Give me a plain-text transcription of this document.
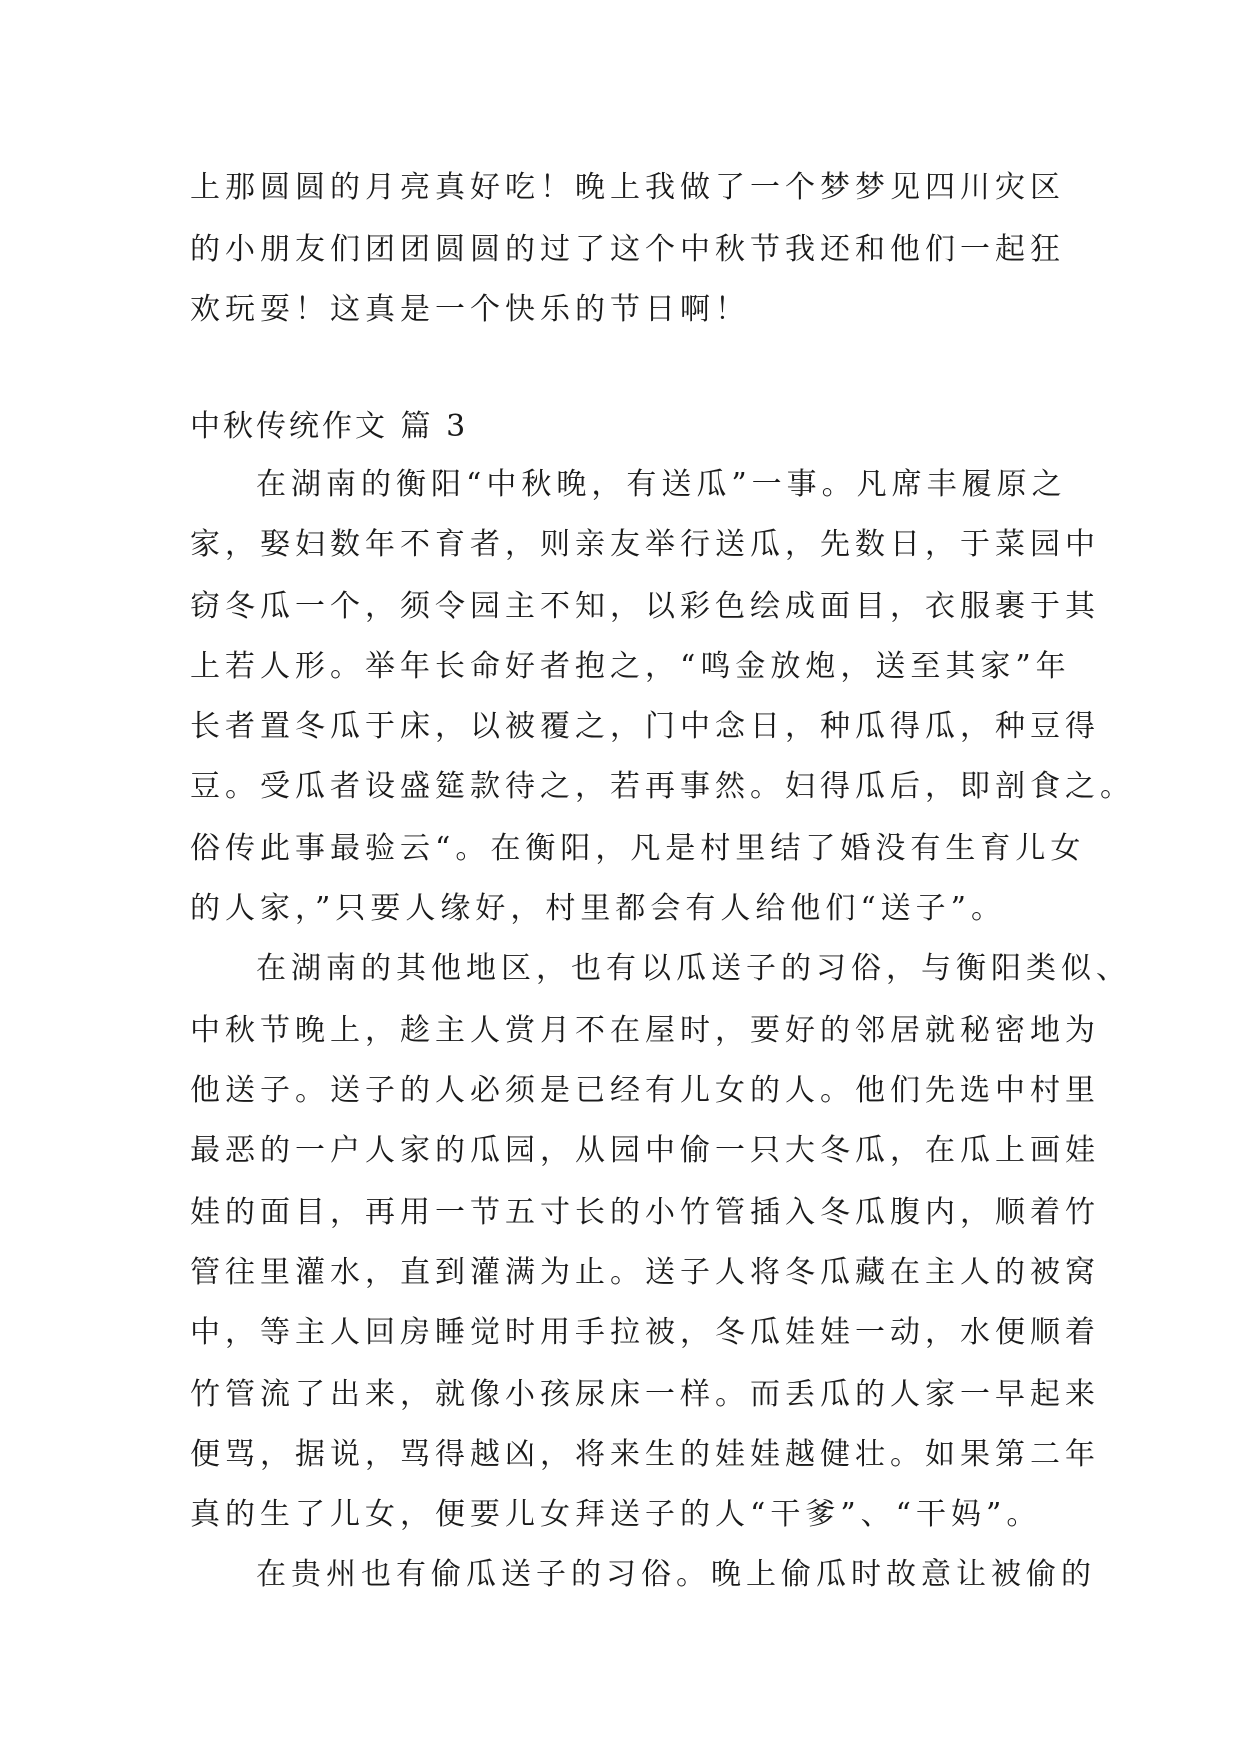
上那圆圆的月亮真好吃！晚上我做了一个梦梦见四川灾区
的小朋友们团团圆圆的过了这个中秋节我还和他们一起狂
欢玩耍！这真是一个快乐的节日啊！
中秋传统作文 篇 3
在湖南的衡阳“中秋晚，有送瓜”一事。凡席丰履原之
家，娶妇数年不育者，则亲友举行送瓜，先数日，于菜园中
窃冬瓜一个，须令园主不知，以彩色绘成面目，衣服裹于其
上若人形。举年长命好者抱之，“鸣金放炮，送至其家”年
长者置冬瓜于床，以被覆之，门中念日，种瓜得瓜，种豆得
豆。受瓜者设盛筵款待之，若再事然。妇得瓜后，即剖食之。
俗传此事最验云“。在衡阳，凡是村里结了婚没有生育儿女
的人家，”只要人缘好，村里都会有人给他们“送子”。
在湖南的其他地区，也有以瓜送子的习俗，与衡阳类似、
中秋节晚上，趁主人赏月不在屋时，要好的邻居就秘密地为
他送子。送子的人必须是已经有儿女的人。他们先选中村里
最恶的一户人家的瓜园，从园中偷一只大冬瓜，在瓜上画娃
娃的面目，再用一节五寸长的小竹管插入冬瓜腹内，顺着竹
管往里灌水，直到灌满为止。送子人将冬瓜藏在主人的被窝
中，等主人回房睡觉时用手拉被，冬瓜娃娃一动，水便顺着
竹管流了出来，就像小孩尿床一样。而丢瓜的人家一早起来
便骂，据说，骂得越凶，将来生的娃娃越健壮。如果第二年
真的生了儿女，便要儿女拜送子的人“干爹”、“干妈”。
在贵州也有偷瓜送子的习俗。晚上偷瓜时故意让被偷的
